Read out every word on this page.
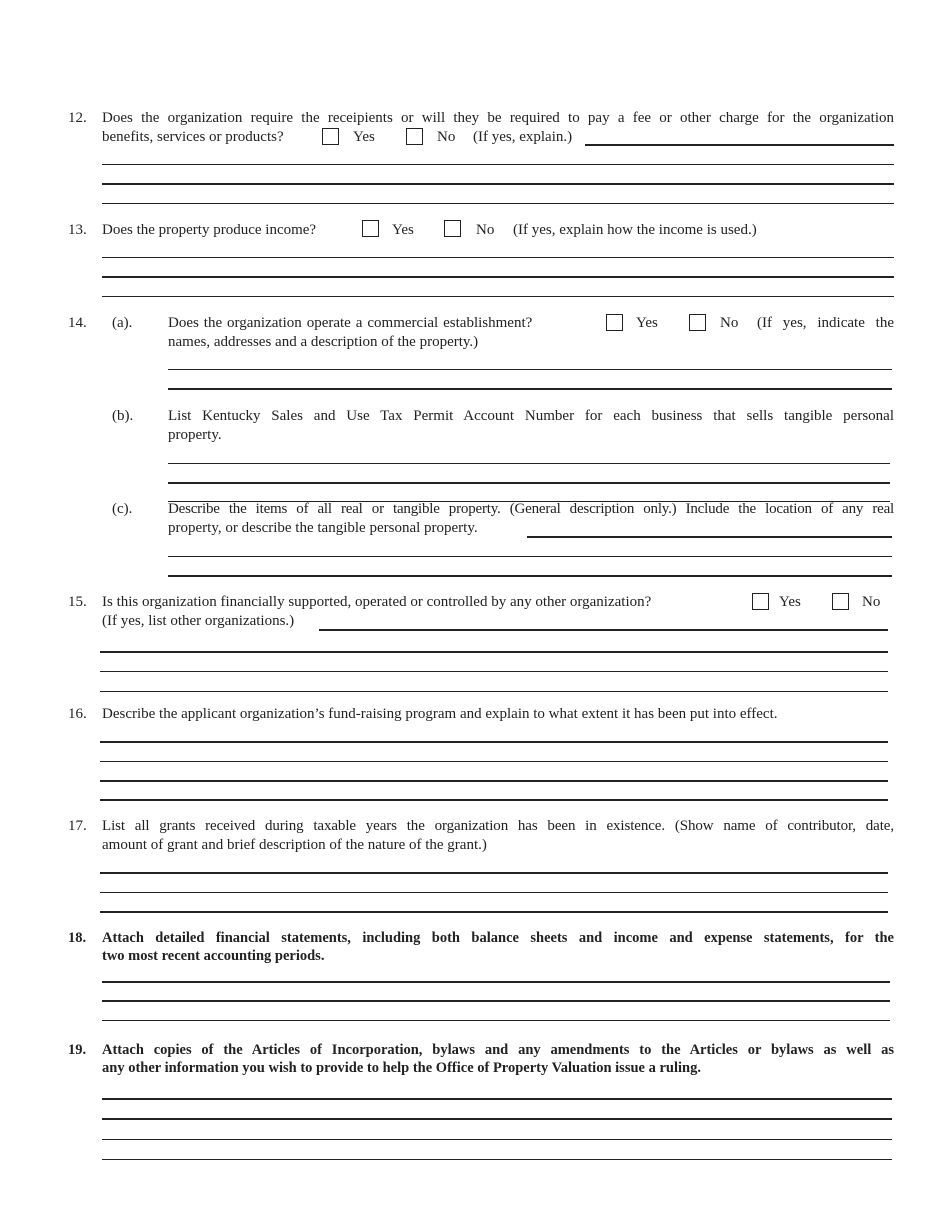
12. Does the organization require the receipients or will they be required to pay a fee or other charge for the organization
benefits, services or products?	Yes	No (If yes, explain.)
13. Does the property produce income?	Yes	No (If yes, explain how the income is used.)
14. (a). Does the organization operate a commercial establishment?	Yes	No (If yes, indicate the
names, addresses and a description of the property.)
(b). List Kentucky Sales and Use Tax Permit Account Number for each business that sells tangible personal
property.
(c). Describe the items of all real or tangible property. (General description only.) Include the location of any real
property, or describe the tangible personal property.
15. Is this organization financially supported, operated or controlled by any other organization?	Yes	No
(If yes, list other organizations.)
16. Describe the applicant organization’s fund-raising program and explain to what extent it has been put into effect.
17. List all grants received during taxable years the organization has been in existence. (Show name of contributor, date,
amount of grant and brief description of the nature of the grant.)
18. Attach detailed financial statements, including both balance sheets and income and expense statements, for the
two most recent accounting periods.
19. Attach copies of the Articles of Incorporation, bylaws and any amendments to the Articles or bylaws as well as
any other information you wish to provide to help the Office of Property Valuation issue a ruling.
